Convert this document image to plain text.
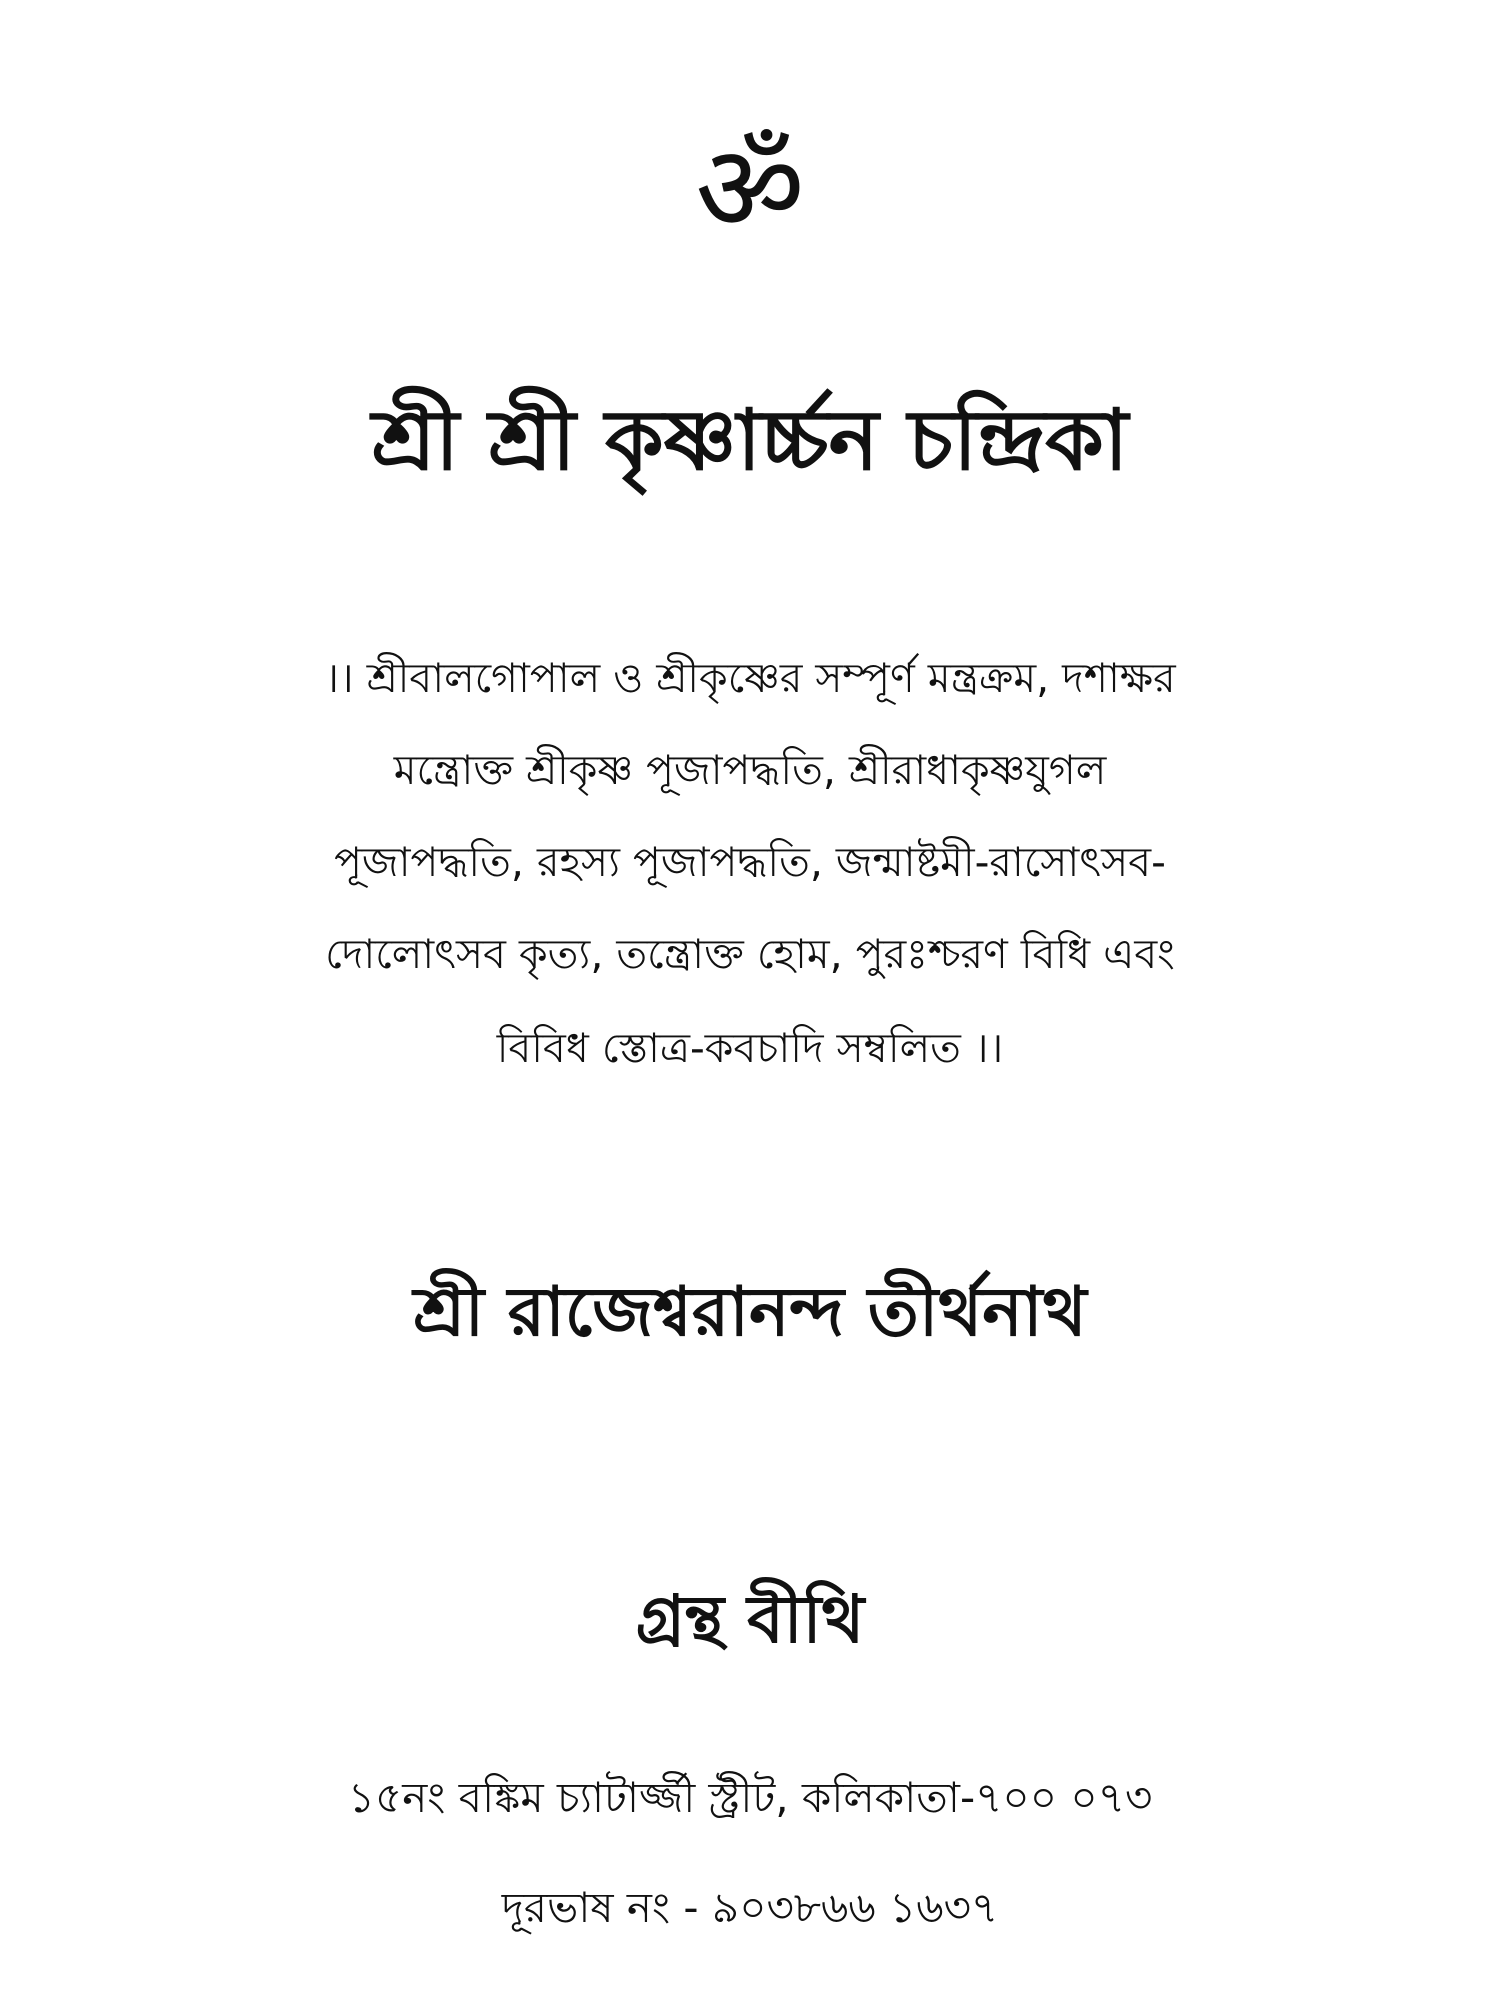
ॐ
শ্রী শ্রী কৃষ্ণার্চ্চন চন্দ্রিকা
।। শ্রীবালগোপাল ও শ্রীকৃষ্ণের সম্পূর্ণ মন্ত্রক্রম, দশাক্ষর
মন্ত্রোক্ত শ্রীকৃষ্ণ পূজাপদ্ধতি, শ্রীরাধাকৃষ্ণযুগল
পূজাপদ্ধতি, রহস্য পূজাপদ্ধতি, জন্মাষ্টমী-রাসোৎসব-
দোলোৎসব কৃত্য, তন্ত্রোক্ত হোম, পুরঃশ্চরণ বিধি এবং
বিবিধ স্তোত্র-কবচাদি সম্বলিত ।।
শ্রী রাজেশ্বরানন্দ তীর্থনাথ
গ্রন্থ বীথি
১৫নং বঙ্কিম চ্যাটার্জ্জী স্ট্রীট, কলিকাতা-৭০০ ০৭৩
দূরভাষ নং - ৯০৩৮৬৬ ১৬৩৭
